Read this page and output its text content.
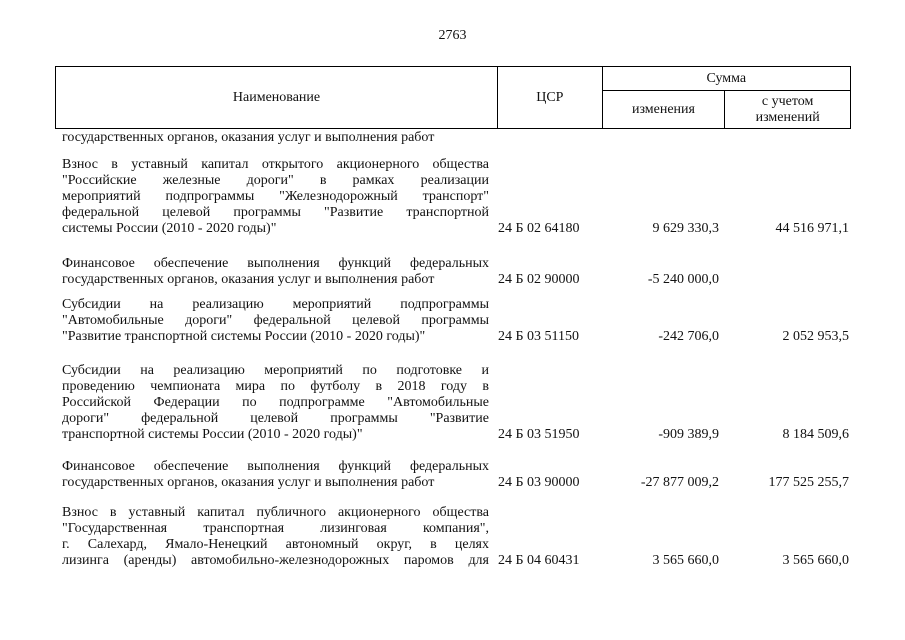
2763
Наименование	ЦСР	Сумма	
		изменения	с учетом
изменений
государственных органов, оказания услуг и выполнения работ
Взнос в уставный капитал открытого акционерного общества
"Российские железные дороги" в рамках реализации
мероприятий подпрограммы "Железнодорожный транспорт"
федеральной целевой программы "Развитие транспортной
системы России (2010 - 2020 годы)"	24 Б 02 64180	9 629 330,3	44 516 971,1
Финансовое обеспечение выполнения функций федеральных
государственных органов, оказания услуг и выполнения работ	24 Б 02 90000	-5 240 000,0
Субсидии на реализацию мероприятий подпрограммы
"Автомобильные дороги" федеральной целевой программы
"Развитие транспортной системы России (2010 - 2020 годы)"	24 Б 03 51150	-242 706,0	2 052 953,5
Субсидии на реализацию мероприятий по подготовке и
проведению чемпионата мира по футболу в 2018 году в
Российской Федерации по подпрограмме "Автомобильные
дороги" федеральной целевой программы "Развитие
транспортной системы России (2010 - 2020 годы)"	24 Б 03 51950	-909 389,9	8 184 509,6
Финансовое обеспечение выполнения функций федеральных
государственных органов, оказания услуг и выполнения работ	24 Б 03 90000	-27 877 009,2	177 525 255,7
Взнос в уставный капитал публичного акционерного общества
"Государственная транспортная лизинговая компания",
г. Салехард, Ямало-Ненецкий автономный округ, в целях
лизинга (аренды) автомобильно-железнодорожных паромов для 24 Б 04 60431	3 565 660,0	3 565 660,0
